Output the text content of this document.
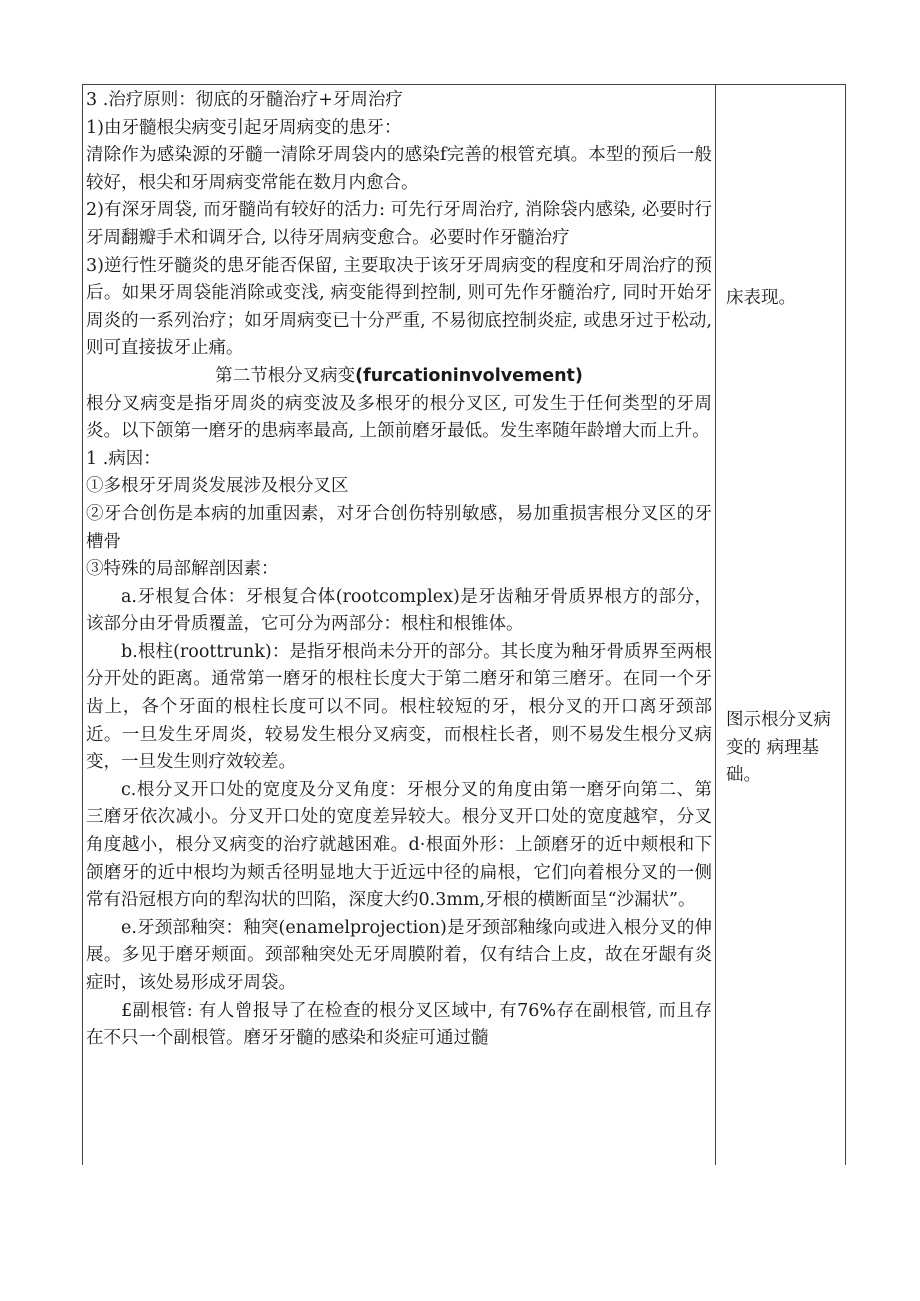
3 .治疗原则：彻底的牙髓治疗+牙周治疗

1)由牙髓根尖病变引起牙周病变的患牙：

清除作为感染源的牙髓一清除牙周袋内的感染f完善的根管充填。本型的预后一般较好，根尖和牙周病变常能在数月内愈合。

2)有深牙周袋, 而牙髓尚有较好的活力: 可先行牙周治疗, 消除袋内感染, 必要时行牙周翻瓣手术和调牙合, 以待牙周病变愈合。必要时作牙髓治疗

3)逆行性牙髓炎的患牙能否保留, 主要取决于该牙牙周病变的程度和牙周治疗的预后。如果牙周袋能消除或变浅, 病变能得到控制, 则可先作牙髓治疗, 同时开始牙周炎的一系列治疗；如牙周病变已十分严重, 不易彻底控制炎症, 或患牙过于松动, 则可直接拔牙止痛。

第二节根分叉病变(furcationinvolvement)

根分叉病变是指牙周炎的病变波及多根牙的根分叉区, 可发生于任何类型的牙周炎。以下颌第一磨牙的患病率最高, 上颌前磨牙最低。发生率随年龄增大而上升。

1 .病因：

①多根牙牙周炎发展涉及根分叉区

②牙合创伤是本病的加重因素，对牙合创伤特别敏感，易加重损害根分叉区的牙槽骨

③特殊的局部解剖因素：

a.牙根复合体：牙根复合体(rootcomplex)是牙齿釉牙骨质界根方的部分，该部分由牙骨质覆盖，它可分为两部分：根柱和根锥体。

b.根柱(roottrunk)：是指牙根尚未分开的部分。其长度为釉牙骨质界至两根分开处的距离。通常第一磨牙的根柱长度大于第二磨牙和第三磨牙。在同一个牙齿上，各个牙面的根柱长度可以不同。根柱较短的牙，根分叉的开口离牙颈部近。一旦发生牙周炎，较易发生根分叉病变，而根柱长者，则不易发生根分叉病变，一旦发生则疗效较差。

c.根分叉开口处的宽度及分叉角度：牙根分叉的角度由第一磨牙向第二、第三磨牙依次减小。分叉开口处的宽度差异较大。根分叉开口处的宽度越窄，分叉角度越小，根分叉病变的治疗就越困难。d·根面外形：上颌磨牙的近中颊根和下颌磨牙的近中根均为颊舌径明显地大于近远中径的扁根，它们向着根分叉的一侧常有沿冠根方向的犁沟状的凹陷，深度大约0.3mm,牙根的横断面呈“沙漏状”。

e.牙颈部釉突：釉突(enamelprojection)是牙颈部釉缘向或进入根分叉的伸展。多见于磨牙颊面。颈部釉突处无牙周膜附着，仅有结合上皮，故在牙龈有炎症时，该处易形成牙周袋。

£副根管: 有人曾报导了在检查的根分叉区域中, 有76%存在副根管, 而且存在不只一个副根管。磨牙牙髓的感染和炎症可通过髓

床表现。
图示根分叉病变的 病理基础。
